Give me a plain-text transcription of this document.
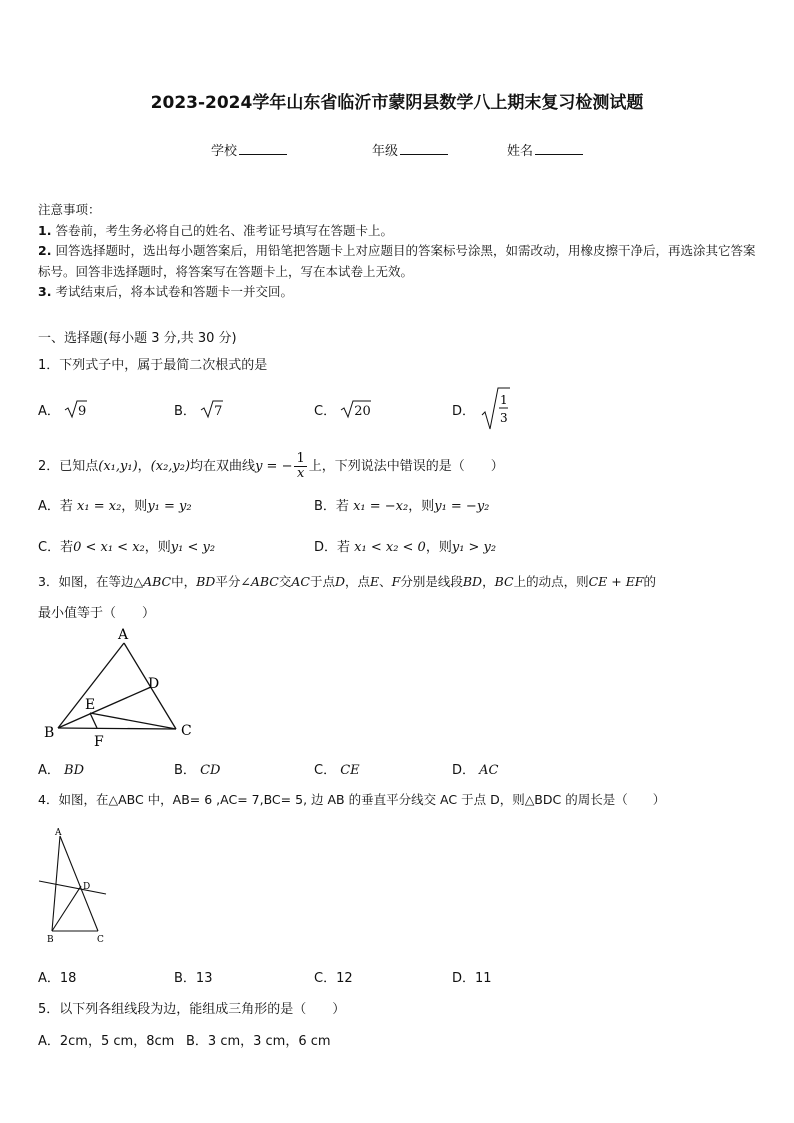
2023-2024学年山东省临沂市蒙阴县数学八上期末复习检测试题
学校	年级	姓名

注意事项：

1. 答卷前，考生务必将自己的姓名、准考证号填写在答题卡上。

2. 回答选择题时，选出每小题答案后，用铅笔把答题卡上对应题目的答案标号涂黑，如需改动，用橡皮擦干净后，再选涂其它答案标号。回答非选择题时，将答案写在答题卡上，写在本试卷上无效。

3. 考试结束后，将本试卷和答题卡一并交回。

一、选择题(每小题 3 分,共 30 分)
1．下列式子中，属于最简二次根式的是
A． 9	B． 7	C． 20	D．
1
3
2．已知点(x₁,y₁)，(x₂,y₂)均在双曲线y = − $\frac{1}{x}$ 上，下列说法中错误的是（　　）
A．若 x₁ = x₂，则y₁ = y₂	B．若 x₁ = −x₂，则y₁ = −y₂
C．若0 < x₁ < x₂，则y₁ < y₂	D．若 x₁ < x₂ < 0，则y₁ > y₂
3．如图，在等边△ABC中，BD平分∠ABC交AC于点D，点E、F分别是线段BD，BC上的动点，则CE + EF的
最小值等于（　　）
A
B	C
D
E
F
A． BD	B． CD	C． CE	D． AC
4．如图，在△ABC 中，AB= 6 ,AC= 7,BC= 5, 边 AB 的垂直平分线交 AC 于点 D，则△BDC 的周长是（　　）
A
B	C
D
A．18	B．13	C．12	D．11
5．以下列各组线段为边，能组成三角形的是（　　）
A．2cm，5 cm，8cm B．3 cm，3 cm，6 cm
